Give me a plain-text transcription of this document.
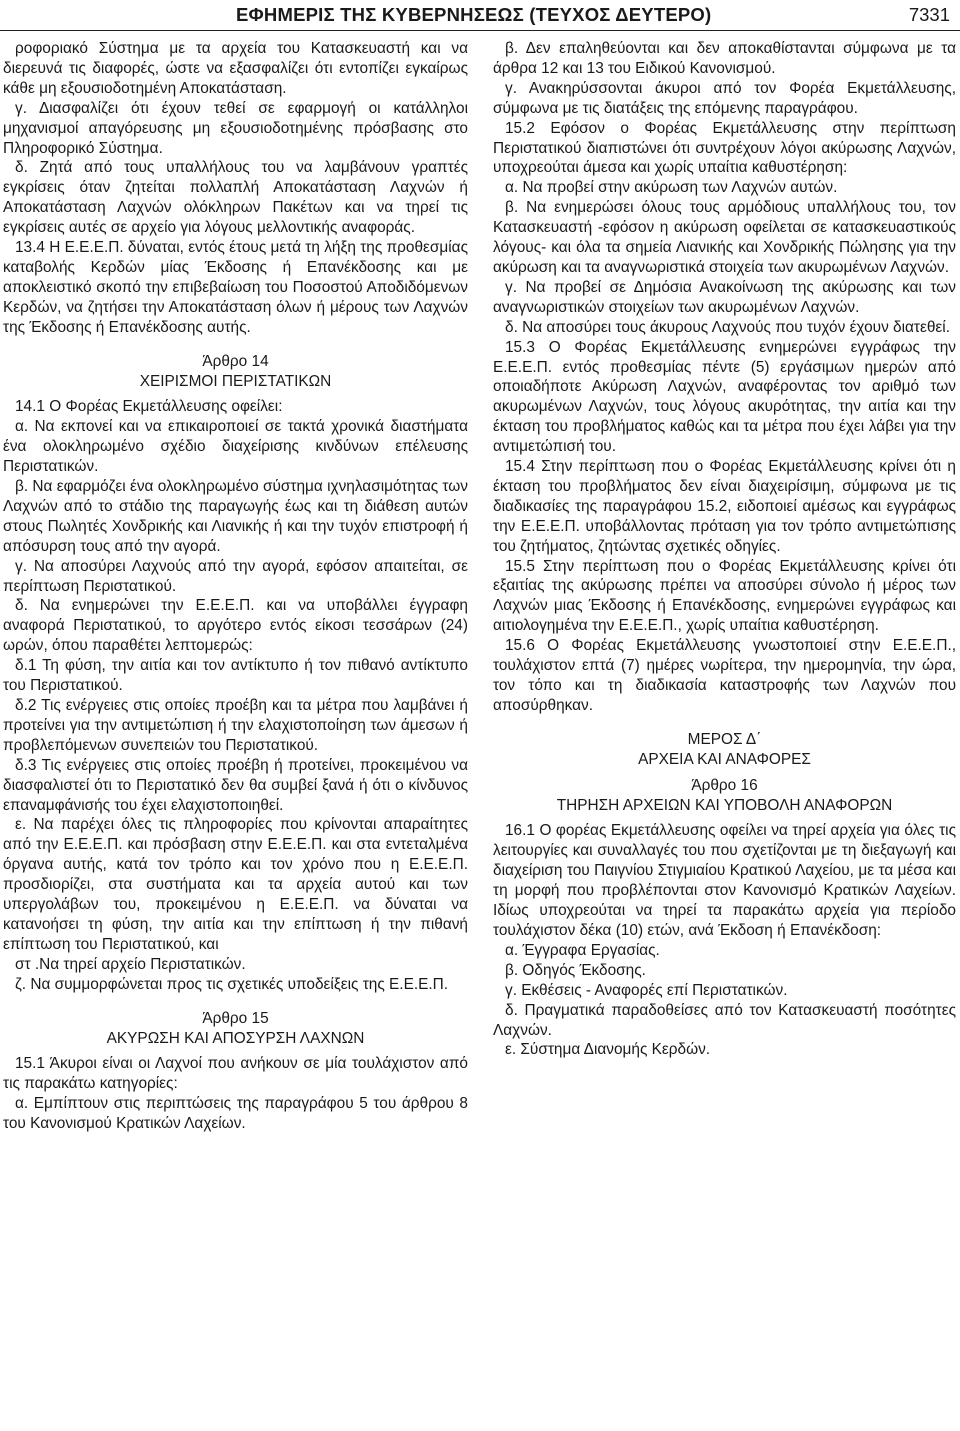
ΕΦΗΜΕΡΙΣ ΤΗΣ ΚΥΒΕΡΝΗΣΕΩΣ (ΤΕΥΧΟΣ ΔΕΥΤΕΡΟ)	7331

ροφοριακό Σύστημα με τα αρχεία του Κατασκευαστή και να διερευνά τις διαφορές, ώστε να εξασφαλίζει ότι εντοπίζει εγκαίρως κάθε μη εξουσιοδοτημένη Αποκατάσταση.

γ. Διασφαλίζει ότι έχουν τεθεί σε εφαρμογή οι κατάλληλοι μηχανισμοί απαγόρευσης μη εξουσιοδοτημένης πρόσβασης στο Πληροφορικό Σύστημα.

δ. Ζητά από τους υπαλλήλους του να λαμβάνουν γραπτές εγκρίσεις όταν ζητείται πολλαπλή Αποκατάσταση Λαχνών ή Αποκατάσταση Λαχνών ολόκληρων Πακέτων και να τηρεί τις εγκρίσεις αυτές σε αρχείο για λόγους μελλοντικής αναφοράς.

13.4 Η Ε.Ε.Ε.Π. δύναται, εντός έτους μετά τη λήξη της προθεσμίας καταβολής Κερδών μίας Έκδοσης ή Επανέκδοσης και με αποκλειστικό σκοπό την επιβεβαίωση του Ποσοστού Αποδιδόμενων Κερδών, να ζητήσει την Αποκατάσταση όλων ή μέρους των Λαχνών της Έκδοσης ή Επανέκδοσης αυτής.

Άρθρο 14

ΧΕΙΡΙΣΜΟΙ ΠΕΡΙΣΤΑΤΙΚΩΝ

14.1 Ο Φορέας Εκμετάλλευσης οφείλει:

α. Να εκπονεί και να επικαιροποιεί σε τακτά χρονικά διαστήματα ένα ολοκληρωμένο σχέδιο διαχείρισης κινδύνων επέλευσης Περιστατικών.

β. Να εφαρμόζει ένα ολοκληρωμένο σύστημα ιχνηλασιμότητας των Λαχνών από το στάδιο της παραγωγής έως και τη διάθεση αυτών στους Πωλητές Χονδρικής και Λιανικής ή και την τυχόν επιστροφή ή απόσυρση τους από την αγορά.

γ. Να αποσύρει Λαχνούς από την αγορά, εφόσον απαιτείται, σε περίπτωση Περιστατικού.

δ. Να ενημερώνει την Ε.Ε.Ε.Π. και να υποβάλλει έγγραφη αναφορά Περιστατικού, το αργότερο εντός είκοσι τεσσάρων (24) ωρών, όπου παραθέτει λεπτομερώς:

δ.1 Τη φύση, την αιτία και τον αντίκτυπο ή τον πιθανό αντίκτυπο του Περιστατικού.

δ.2 Τις ενέργειες στις οποίες προέβη και τα μέτρα που λαμβάνει ή προτείνει για την αντιμετώπιση ή την ελαχιστοποίηση των άμεσων ή προβλεπόμενων συνεπειών του Περιστατικού.

δ.3 Τις ενέργειες στις οποίες προέβη ή προτείνει, προκειμένου να διασφαλιστεί ότι το Περιστατικό δεν θα συμβεί ξανά ή ότι ο κίνδυνος επαναμφάνισής του έχει ελαχιστοποιηθεί.

ε. Να παρέχει όλες τις πληροφορίες που κρίνονται απαραίτητες από την Ε.Ε.Ε.Π. και πρόσβαση στην Ε.Ε.Ε.Π. και στα εντεταλμένα όργανα αυτής, κατά τον τρόπο και τον χρόνο που η Ε.Ε.Ε.Π. προσδιορίζει, στα συστήματα και τα αρχεία αυτού και των υπεργολάβων του, προκειμένου η Ε.Ε.Ε.Π. να δύναται να κατανοήσει τη φύση, την αιτία και την επίπτωση ή την πιθανή επίπτωση του Περιστατικού, και

στ .Να τηρεί αρχείο Περιστατικών.

ζ. Να συμμορφώνεται προς τις σχετικές υποδείξεις της Ε.Ε.Ε.Π.

Άρθρο 15

ΑΚΥΡΩΣΗ ΚΑΙ ΑΠΟΣΥΡΣΗ ΛΑΧΝΩΝ

15.1 Άκυροι είναι οι Λαχνοί που ανήκουν σε μία τουλάχιστον από τις παρακάτω κατηγορίες:

α. Εμπίπτουν στις περιπτώσεις της παραγράφου 5 του άρθρου 8 του Κανονισμού Κρατικών Λαχείων.

β. Δεν επαληθεύονται και δεν αποκαθίστανται σύμφωνα με τα άρθρα 12 και 13 του Ειδικού Κανονισμού.

γ. Ανακηρύσσονται άκυροι από τον Φορέα Εκμετάλλευσης, σύμφωνα με τις διατάξεις της επόμενης παραγράφου.

15.2 Εφόσον ο Φορέας Εκμετάλλευσης στην περίπτωση Περιστατικού διαπιστώνει ότι συντρέχουν λόγοι ακύρωσης Λαχνών, υποχρεούται άμεσα και χωρίς υπαίτια καθυστέρηση:

α. Να προβεί στην ακύρωση των Λαχνών αυτών.

β. Να ενημερώσει όλους τους αρμόδιους υπαλλήλους του, τον Κατασκευαστή -εφόσον η ακύρωση οφείλεται σε κατασκευαστικούς λόγους- και όλα τα σημεία Λιανικής και Χονδρικής Πώλησης για την ακύρωση και τα αναγνωριστικά στοιχεία των ακυρωμένων Λαχνών.

γ. Να προβεί σε Δημόσια Ανακοίνωση της ακύρωσης και των αναγνωριστικών στοιχείων των ακυρωμένων Λαχνών.

δ. Να αποσύρει τους άκυρους Λαχνούς που τυχόν έχουν διατεθεί.

15.3 Ο Φορέας Εκμετάλλευσης ενημερώνει εγγράφως την Ε.Ε.Ε.Π. εντός προθεσμίας πέντε (5) εργάσιμων ημερών από οποιαδήποτε Ακύρωση Λαχνών, αναφέροντας τον αριθμό των ακυρωμένων Λαχνών, τους λόγους ακυρότητας, την αιτία και την έκταση του προβλήματος καθώς και τα μέτρα που έχει λάβει για την αντιμετώπισή του.

15.4 Στην περίπτωση που ο Φορέας Εκμετάλλευσης κρίνει ότι η έκταση του προβλήματος δεν είναι διαχειρίσιμη, σύμφωνα με τις διαδικασίες της παραγράφου 15.2, ειδοποιεί αμέσως και εγγράφως την Ε.Ε.Ε.Π. υποβάλλοντας πρόταση για τον τρόπο αντιμετώπισης του ζητήματος, ζητώντας σχετικές οδηγίες.

15.5 Στην περίπτωση που ο Φορέας Εκμετάλλευσης κρίνει ότι εξαιτίας της ακύρωσης πρέπει να αποσύρει σύνολο ή μέρος των Λαχνών μιας Έκδοσης ή Επανέκδοσης, ενημερώνει εγγράφως και αιτιολογημένα την Ε.Ε.Ε.Π., χωρίς υπαίτια καθυστέρηση.

15.6 Ο Φορέας Εκμετάλλευσης γνωστοποιεί στην Ε.Ε.Ε.Π., τουλάχιστον επτά (7) ημέρες νωρίτερα, την ημερομηνία, την ώρα, τον τόπο και τη διαδικασία καταστροφής των Λαχνών που αποσύρθηκαν.

ΜΕΡΟΣ Δ΄

ΑΡΧΕΙΑ ΚΑΙ ΑΝΑΦΟΡΕΣ

Άρθρο 16

ΤΗΡΗΣΗ ΑΡΧΕΙΩΝ ΚΑΙ ΥΠΟΒΟΛΗ ΑΝΑΦΟΡΩΝ

16.1 Ο φορέας Εκμετάλλευσης οφείλει να τηρεί αρχεία για όλες τις λειτουργίες και συναλλαγές του που σχετίζονται με τη διεξαγωγή και διαχείριση του Παιγνίου Στιγμιαίου Κρατικού Λαχείου, με τα μέσα και τη μορφή που προβλέπονται στον Κανονισμό Κρατικών Λαχείων. Ιδίως υποχρεούται να τηρεί τα παρακάτω αρχεία για περίοδο τουλάχιστον δέκα (10) ετών, ανά Έκδοση ή Επανέκδοση:

α. Έγγραφα Εργασίας.

β. Οδηγός Έκδοσης.

γ. Εκθέσεις - Αναφορές επί Περιστατικών.

δ. Πραγματικά παραδοθείσες από τον Κατασκευαστή ποσότητες Λαχνών.

ε. Σύστημα Διανομής Κερδών.
